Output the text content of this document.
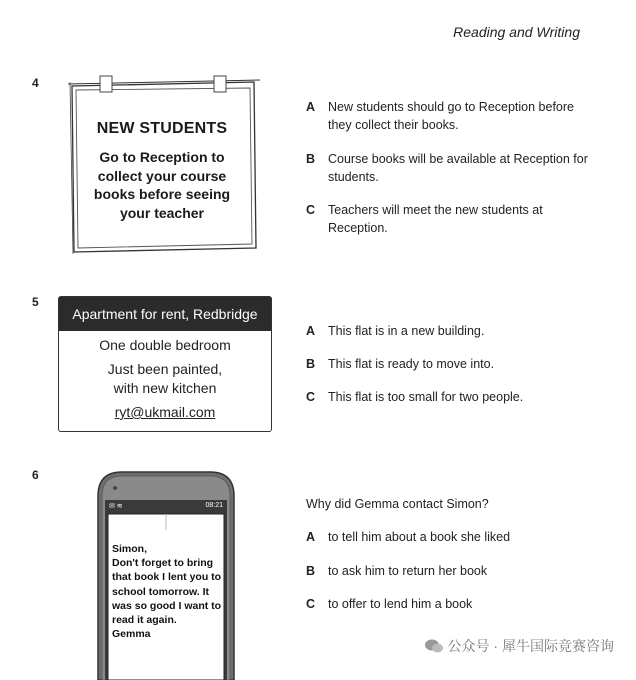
Reading and Writing
4
NEW STUDENTS
Go to Reception to collect your course books before seeing your teacher
A New students should go to Reception before they collect their books.
B Course books will be available at Reception for students.
C Teachers will meet the new students at Reception.
5
Apartment for rent, Redbridge
One double bedroom
Just been painted,
with new kitchen
ryt@ukmail.com
A This flat is in a new building.
B This flat is ready to move into.
C This flat is too small for two people.
6
✉ ≋	08:21
Simon,
Don't forget to bring that book I lent you to school tomorrow. It was so good I want to read it again.
Gemma
Why did Gemma contact Simon?
A to tell him about a book she liked
B to ask him to return her book
C to offer to lend him a book
公众号 · 犀牛国际竞赛咨询
